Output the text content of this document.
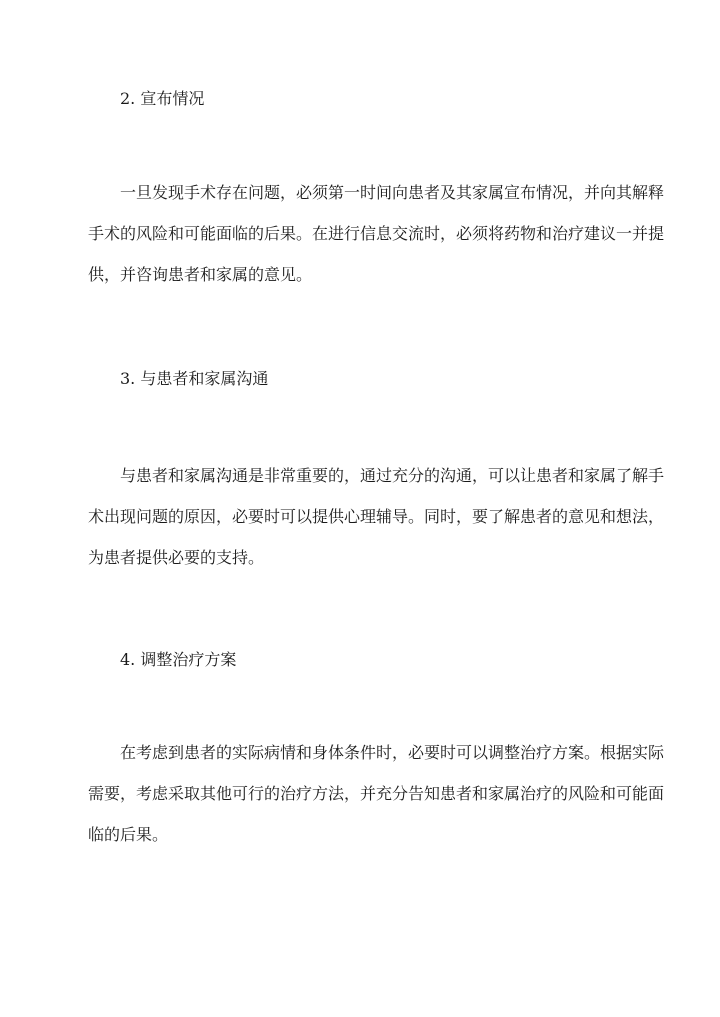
2. 宣布情况

一旦发现手术存在问题，必须第一时间向患者及其家属宣布情况，并向其解释手术的风险和可能面临的后果。在进行信息交流时，必须将药物和治疗建议一并提供，并咨询患者和家属的意见。

3. 与患者和家属沟通

与患者和家属沟通是非常重要的，通过充分的沟通，可以让患者和家属了解手术出现问题的原因，必要时可以提供心理辅导。同时，要了解患者的意见和想法，为患者提供必要的支持。

4. 调整治疗方案

在考虑到患者的实际病情和身体条件时，必要时可以调整治疗方案。根据实际需要，考虑采取其他可行的治疗方法，并充分告知患者和家属治疗的风险和可能面临的后果。
